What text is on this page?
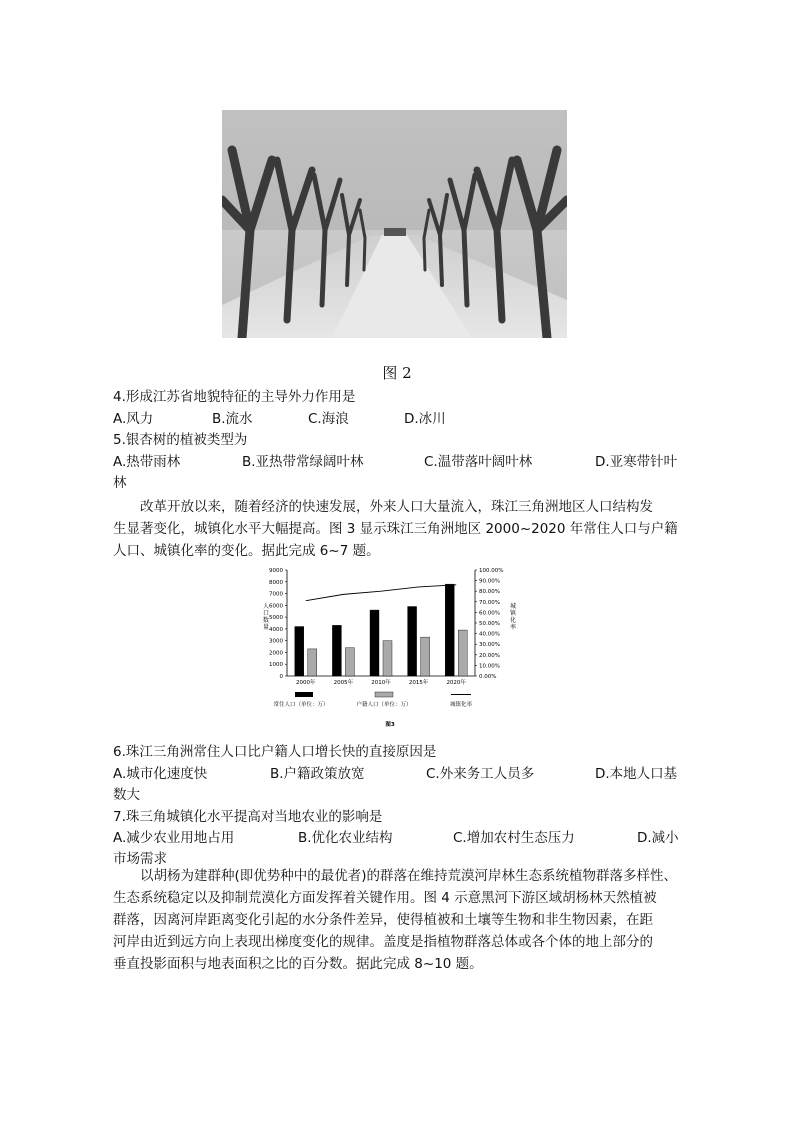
图 2
4.形成江苏省地貌特征的主导外力作用是
A.风力	B.流水	C.海浪	D.冰川
5.银杏树的植被类型为
A.热带雨林	B.亚热带常绿阔叶林	C.温带落叶阔叶林	D.亚寒带针叶
林

改革开放以来，随着经济的快速发展，外来人口大量流入，珠江三角洲地区人口结构发

生显著变化，城镇化水平大幅提高。图 3 显示珠江三角洲地区 2000~2020 年常住人口与户籍

人口、城镇化率的变化。据此完成 6~7 题。

0
1000
2000
3000
4000
5000
6000
7000
8000
9000
0.00%
10.00%
20.00%
30.00%
40.00%
50.00%
60.00%
70.00%
80.00%
90.00%
100.00%
人
口
数
量
城
镇
化
率
2000年	2005年	2010年	2015年	2020年
常住人口（单位：万）	户籍人口（单位：万）	城镇化率
图3
6.珠江三角洲常住人口比户籍人口增长快的直接原因是
A.城市化速度快	B.户籍政策放宽	C.外来务工人员多	D.本地人口基
数大
7.珠三角城镇化水平提高对当地农业的影响是
A.减少农业用地占用	B.优化农业结构	C.增加农村生态压力	D.减小
市场需求

以胡杨为建群种(即优势种中的最优者)的群落在维持荒漠河岸林生态系统植物群落多样性、

生态系统稳定以及抑制荒漠化方面发挥着关键作用。图 4 示意黑河下游区域胡杨林天然植被

群落，因离河岸距离变化引起的水分条件差异，使得植被和土壤等生物和非生物因素，在距

河岸由近到远方向上表现出梯度变化的规律。盖度是指植物群落总体或各个体的地上部分的

垂直投影面积与地表面积之比的百分数。据此完成 8~10 题。
